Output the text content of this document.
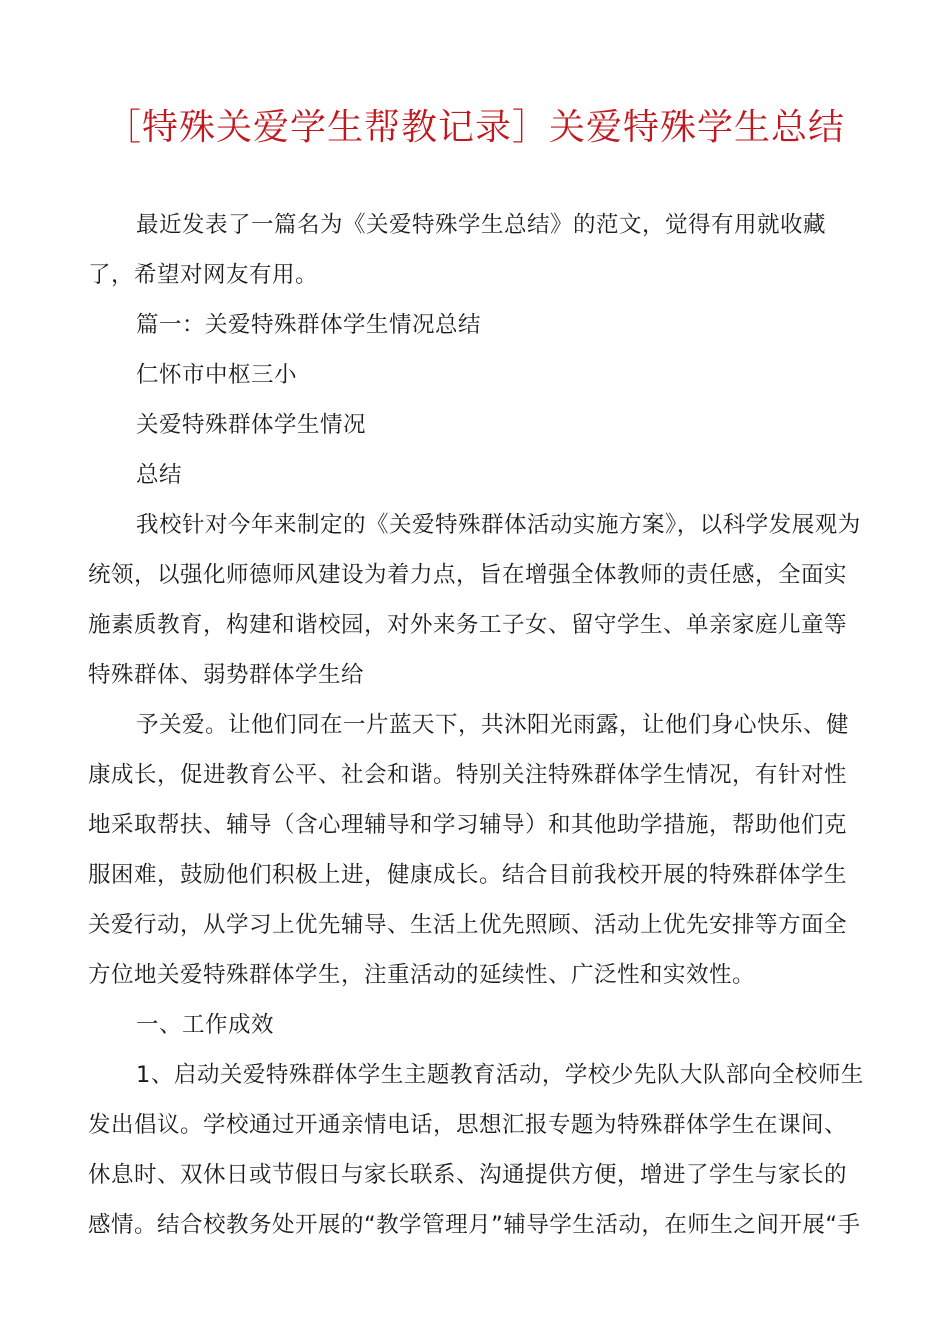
［特殊关爱学生帮教记录］关爱特殊学生总结

最近发表了一篇名为《关爱特殊学生总结》的范文，觉得有用就收藏了，希望对网友有用。

篇一：关爱特殊群体学生情况总结

仁怀市中枢三小

关爱特殊群体学生情况

总结

我校针对今年来制定的《关爱特殊群体活动实施方案》，以科学发展观为统领，以强化师德师风建设为着力点，旨在增强全体教师的责任感，全面实施素质教育，构建和谐校园，对外来务工子女、留守学生、单亲家庭儿童等特殊群体、弱势群体学生给

予关爱。让他们同在一片蓝天下，共沐阳光雨露，让他们身心快乐、健康成长，促进教育公平、社会和谐。特别关注特殊群体学生情况，有针对性地采取帮扶、辅导（含心理辅导和学习辅导）和其他助学措施，帮助他们克服困难，鼓励他们积极上进，健康成长。结合目前我校开展的特殊群体学生关爱行动，从学习上优先辅导、生活上优先照顾、活动上优先安排等方面全方位地关爱特殊群体学生，注重活动的延续性、广泛性和实效性。

一、工作成效

1、启动关爱特殊群体学生主题教育活动，学校少先队大队部向全校师生发出倡议。学校通过开通亲情电话，思想汇报专题为特殊群体学生在课间、休息时、双休日或节假日与家长联系、沟通提供方便，增进了学生与家长的感情。结合校教务处开展的“教学管理月”辅导学生活动，在师生之间开展“手
